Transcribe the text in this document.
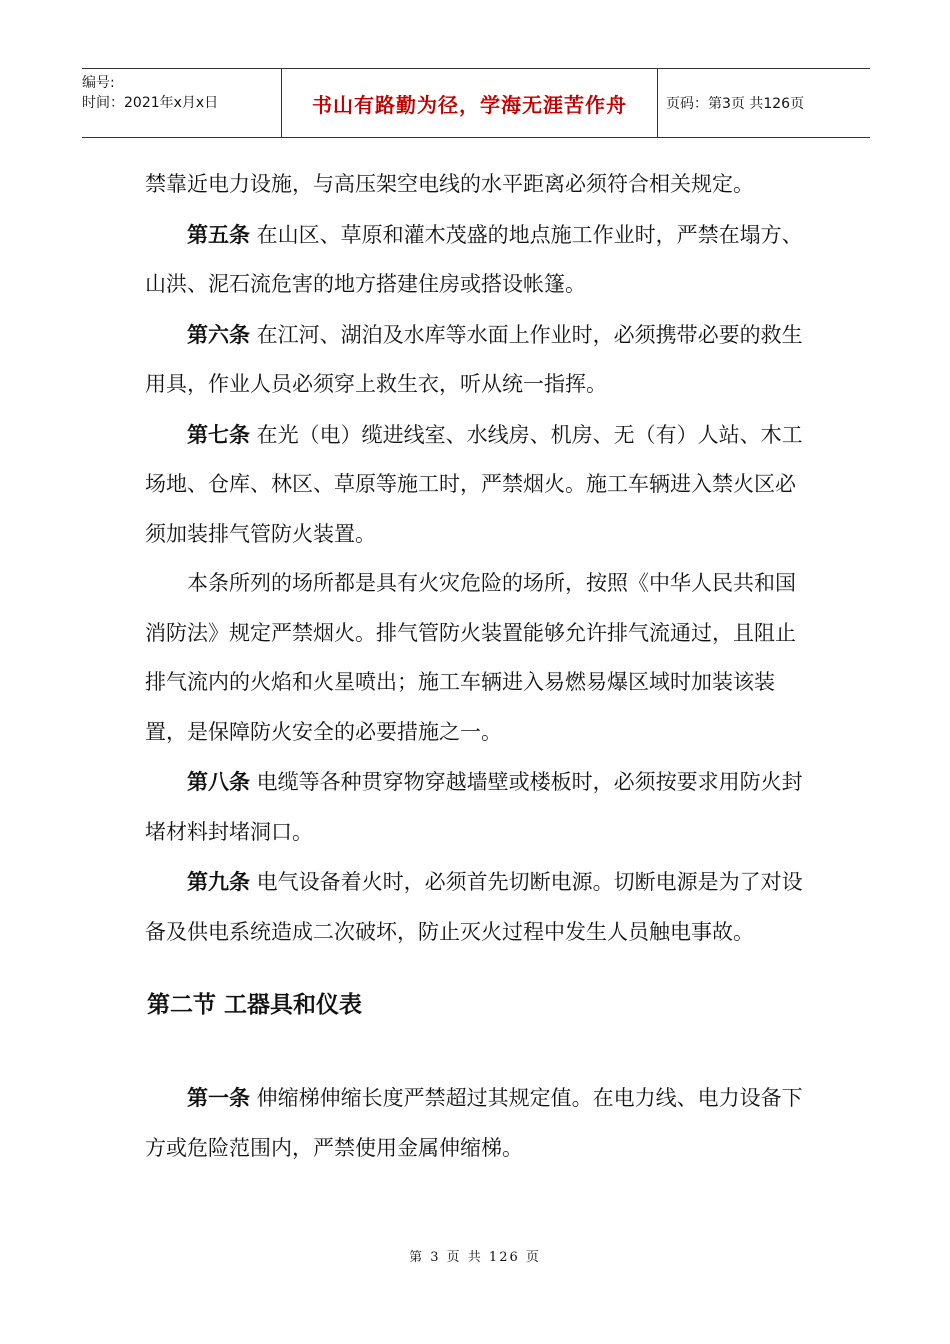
编号:
时间：2021年x月x日	书山有路勤为径，学海无涯苦作舟	页码：第3页 共126页

禁靠近电力设施，与高压架空电线的水平距离必须符合相关规定。

第五条 在山区、草原和灌木茂盛的地点施工作业时，严禁在塌方、山洪、泥石流危害的地方搭建住房或搭设帐篷。

第六条 在江河、湖泊及水库等水面上作业时，必须携带必要的救生用具，作业人员必须穿上救生衣，听从统一指挥。

第七条 在光（电）缆进线室、水线房、机房、无（有）人站、木工场地、仓库、林区、草原等施工时，严禁烟火。施工车辆进入禁火区必须加装排气管防火装置。

本条所列的场所都是具有火灾危险的场所，按照《中华人民共和国消防法》规定严禁烟火。排气管防火装置能够允许排气流通过，且阻止排气流内的火焰和火星喷出；施工车辆进入易燃易爆区域时加装该装置，是保障防火安全的必要措施之一。

第八条 电缆等各种贯穿物穿越墙壁或楼板时，必须按要求用防火封堵材料封堵洞口。

第九条 电气设备着火时，必须首先切断电源。切断电源是为了对设备及供电系统造成二次破坏，防止灭火过程中发生人员触电事故。

第二节 工器具和仪表

第一条 伸缩梯伸缩长度严禁超过其规定值。在电力线、电力设备下方或危险范围内，严禁使用金属伸缩梯。

第 3 页 共 126 页
